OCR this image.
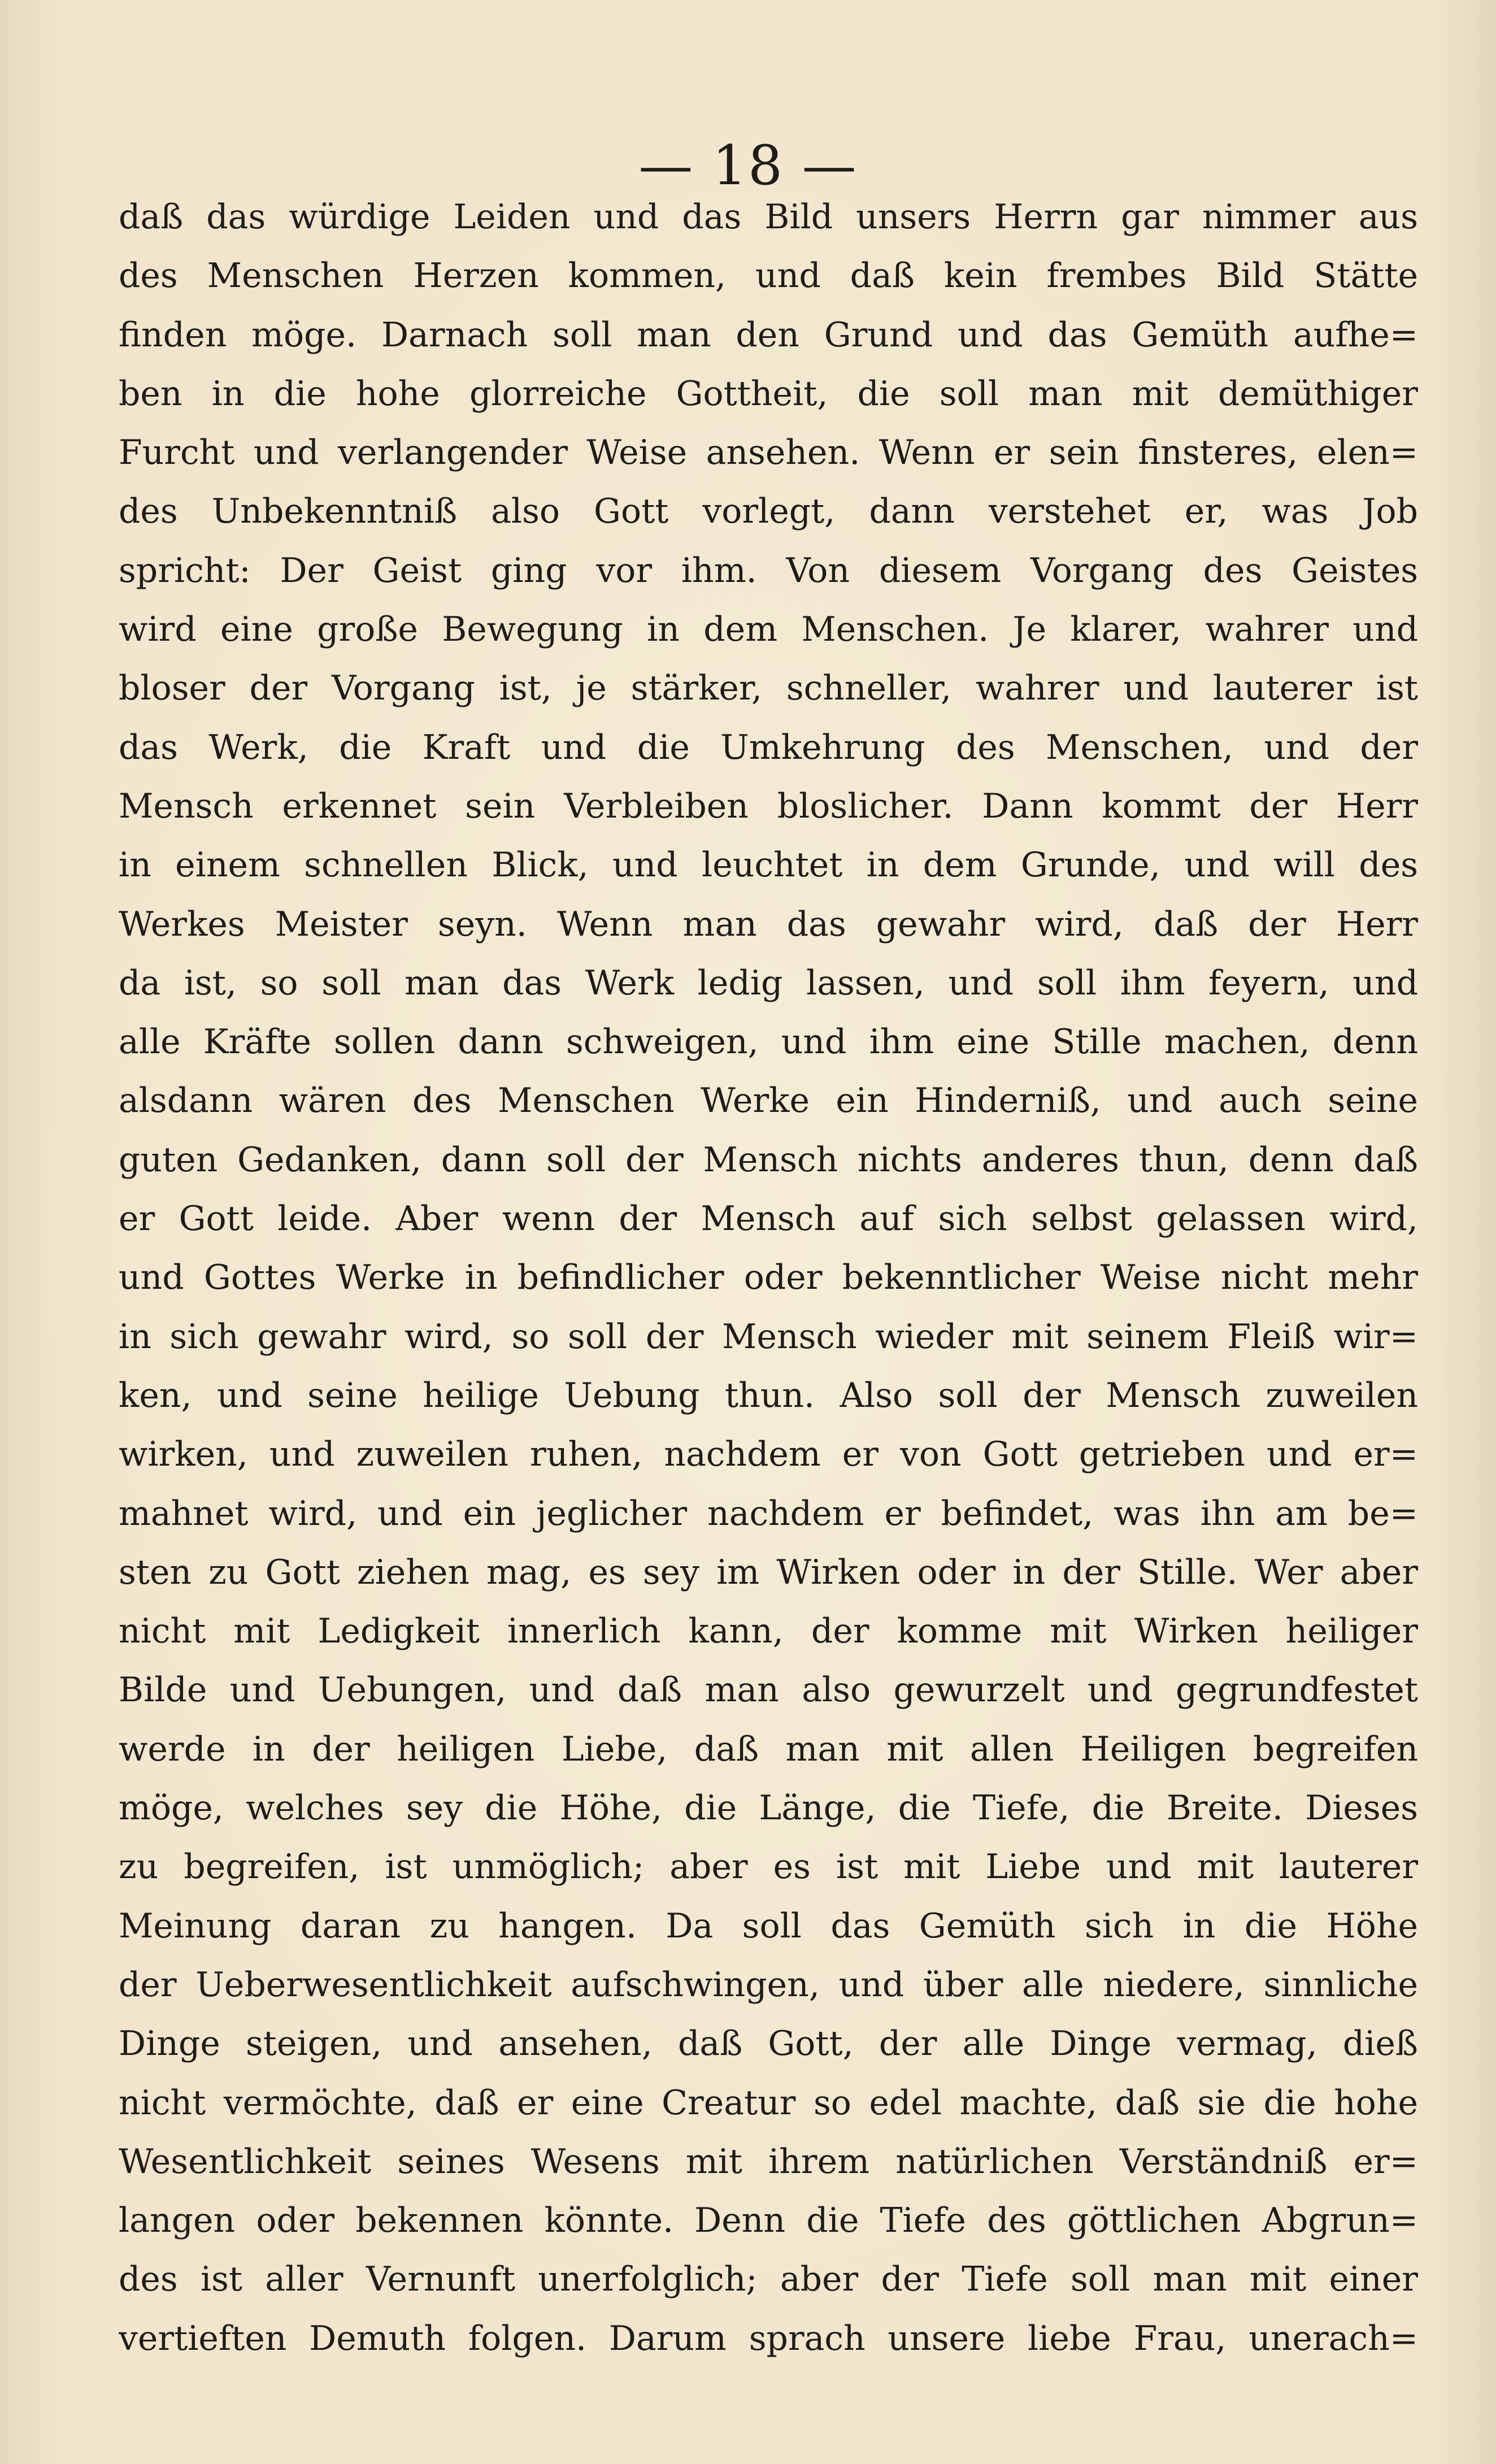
— 18 —
daß das würdige Leiden und das Bild unsers Herrn gar nimmer aus
des Menschen Herzen kommen, und daß kein frembes Bild Stätte
finden möge. Darnach soll man den Grund und das Gemüth aufhe=
ben in die hohe glorreiche Gottheit, die soll man mit demüthiger
Furcht und verlangender Weise ansehen. Wenn er sein finsteres, elen=
des Unbekenntniß also Gott vorlegt, dann verstehet er, was Job
spricht: Der Geist ging vor ihm. Von diesem Vorgang des Geistes
wird eine große Bewegung in dem Menschen. Je klarer, wahrer und
bloser der Vorgang ist, je stärker, schneller, wahrer und lauterer ist
das Werk, die Kraft und die Umkehrung des Menschen, und der
Mensch erkennet sein Verbleiben bloslicher. Dann kommt der Herr
in einem schnellen Blick, und leuchtet in dem Grunde, und will des
Werkes Meister seyn. Wenn man das gewahr wird, daß der Herr
da ist, so soll man das Werk ledig lassen, und soll ihm feyern, und
alle Kräfte sollen dann schweigen, und ihm eine Stille machen, denn
alsdann wären des Menschen Werke ein Hinderniß, und auch seine
guten Gedanken, dann soll der Mensch nichts anderes thun, denn daß
er Gott leide. Aber wenn der Mensch auf sich selbst gelassen wird,
und Gottes Werke in befindlicher oder bekenntlicher Weise nicht mehr
in sich gewahr wird, so soll der Mensch wieder mit seinem Fleiß wir=
ken, und seine heilige Uebung thun. Also soll der Mensch zuweilen
wirken, und zuweilen ruhen, nachdem er von Gott getrieben und er=
mahnet wird, und ein jeglicher nachdem er befindet, was ihn am be=
sten zu Gott ziehen mag, es sey im Wirken oder in der Stille. Wer aber
nicht mit Ledigkeit innerlich kann, der komme mit Wirken heiliger
Bilde und Uebungen, und daß man also gewurzelt und gegrundfestet
werde in der heiligen Liebe, daß man mit allen Heiligen begreifen
möge, welches sey die Höhe, die Länge, die Tiefe, die Breite. Dieses
zu begreifen, ist unmöglich; aber es ist mit Liebe und mit lauterer
Meinung daran zu hangen. Da soll das Gemüth sich in die Höhe
der Ueberwesentlichkeit aufschwingen, und über alle niedere, sinnliche
Dinge steigen, und ansehen, daß Gott, der alle Dinge vermag, dieß
nicht vermöchte, daß er eine Creatur so edel machte, daß sie die hohe
Wesentlichkeit seines Wesens mit ihrem natürlichen Verständniß er=
langen oder bekennen könnte. Denn die Tiefe des göttlichen Abgrun=
des ist aller Vernunft unerfolglich; aber der Tiefe soll man mit einer
vertieften Demuth folgen. Darum sprach unsere liebe Frau, unerach=
